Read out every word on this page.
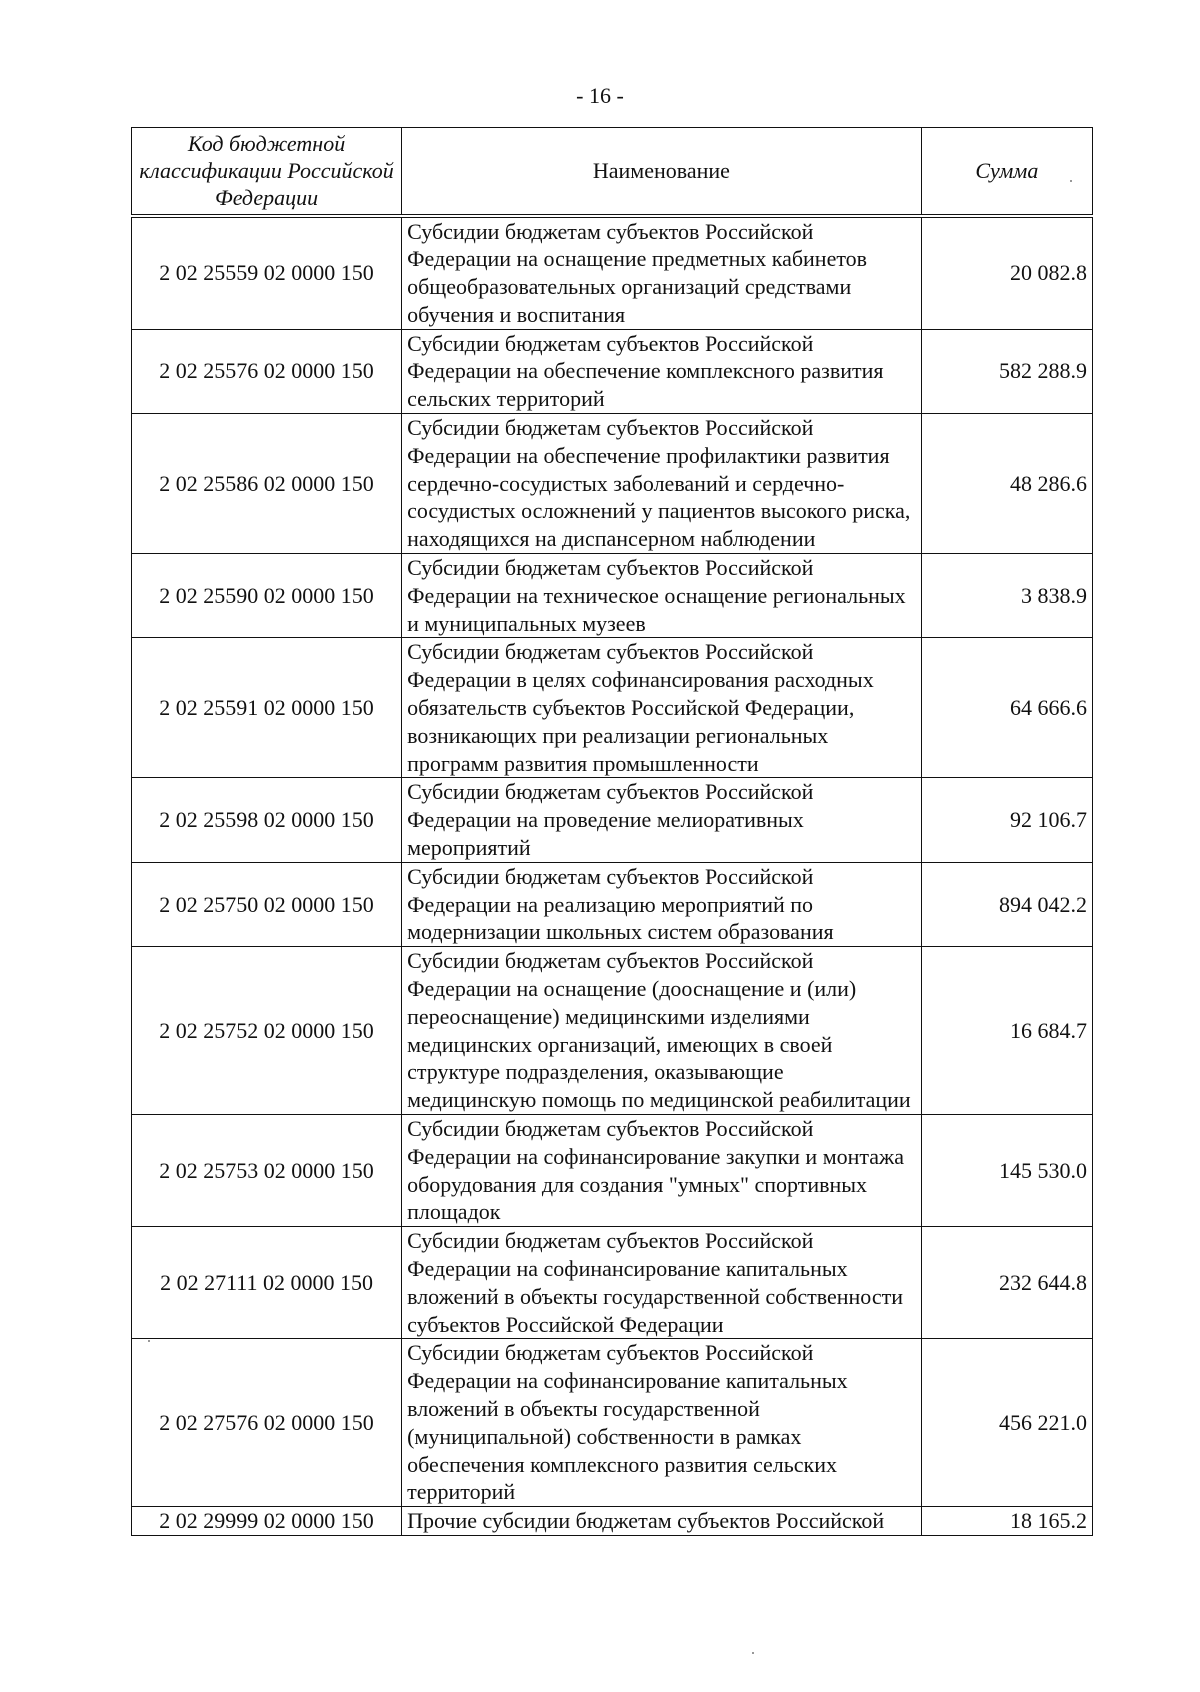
- 16 -
Код бюджетной классификации Российской Федерации	Наименование	Сумма
2 02 25559 02 0000 150	Субсидии бюджетам субъектов Российской Федерации на оснащение предметных кабинетов общеобразовательных организаций средствами обучения и воспитания	20 082.8
2 02 25576 02 0000 150	Субсидии бюджетам субъектов Российской Федерации на обеспечение комплексного развития сельских территорий	582 288.9
2 02 25586 02 0000 150	Субсидии бюджетам субъектов Российской Федерации на обеспечение профилактики развития сердечно-сосудистых заболеваний и сердечно-сосудистых осложнений у пациентов высокого риска, находящихся на диспансерном наблюдении	48 286.6
2 02 25590 02 0000 150	Субсидии бюджетам субъектов Российской Федерации на техническое оснащение региональных и муниципальных музеев	3 838.9
2 02 25591 02 0000 150	Субсидии бюджетам субъектов Российской Федерации в целях софинансирования расходных обязательств субъектов Российской Федерации, возникающих при реализации региональных программ развития промышленности	64 666.6
2 02 25598 02 0000 150	Субсидии бюджетам субъектов Российской Федерации на проведение мелиоративных мероприятий	92 106.7
2 02 25750 02 0000 150	Субсидии бюджетам субъектов Российской Федерации на реализацию мероприятий по модернизации школьных систем образования	894 042.2
2 02 25752 02 0000 150	Субсидии бюджетам субъектов Российской Федерации на оснащение (дооснащение и (или) переоснащение) медицинскими изделиями медицинских организаций, имеющих в своей структуре подразделения, оказывающие медицинскую помощь по медицинской реабилитации	16 684.7
2 02 25753 02 0000 150	Субсидии бюджетам субъектов Российской Федерации на софинансирование закупки и монтажа оборудования для создания "умных" спортивных площадок	145 530.0
2 02 27111 02 0000 150	Субсидии бюджетам субъектов Российской Федерации на софинансирование капитальных вложений в объекты государственной собственности субъектов Российской Федерации	232 644.8
2 02 27576 02 0000 150	Субсидии бюджетам субъектов Российской Федерации на софинансирование капитальных вложений в объекты государственной (муниципальной) собственности в рамках обеспечения комплексного развития сельских территорий	456 221.0
2 02 29999 02 0000 150	Прочие субсидии бюджетам субъектов Российской	18 165.2
